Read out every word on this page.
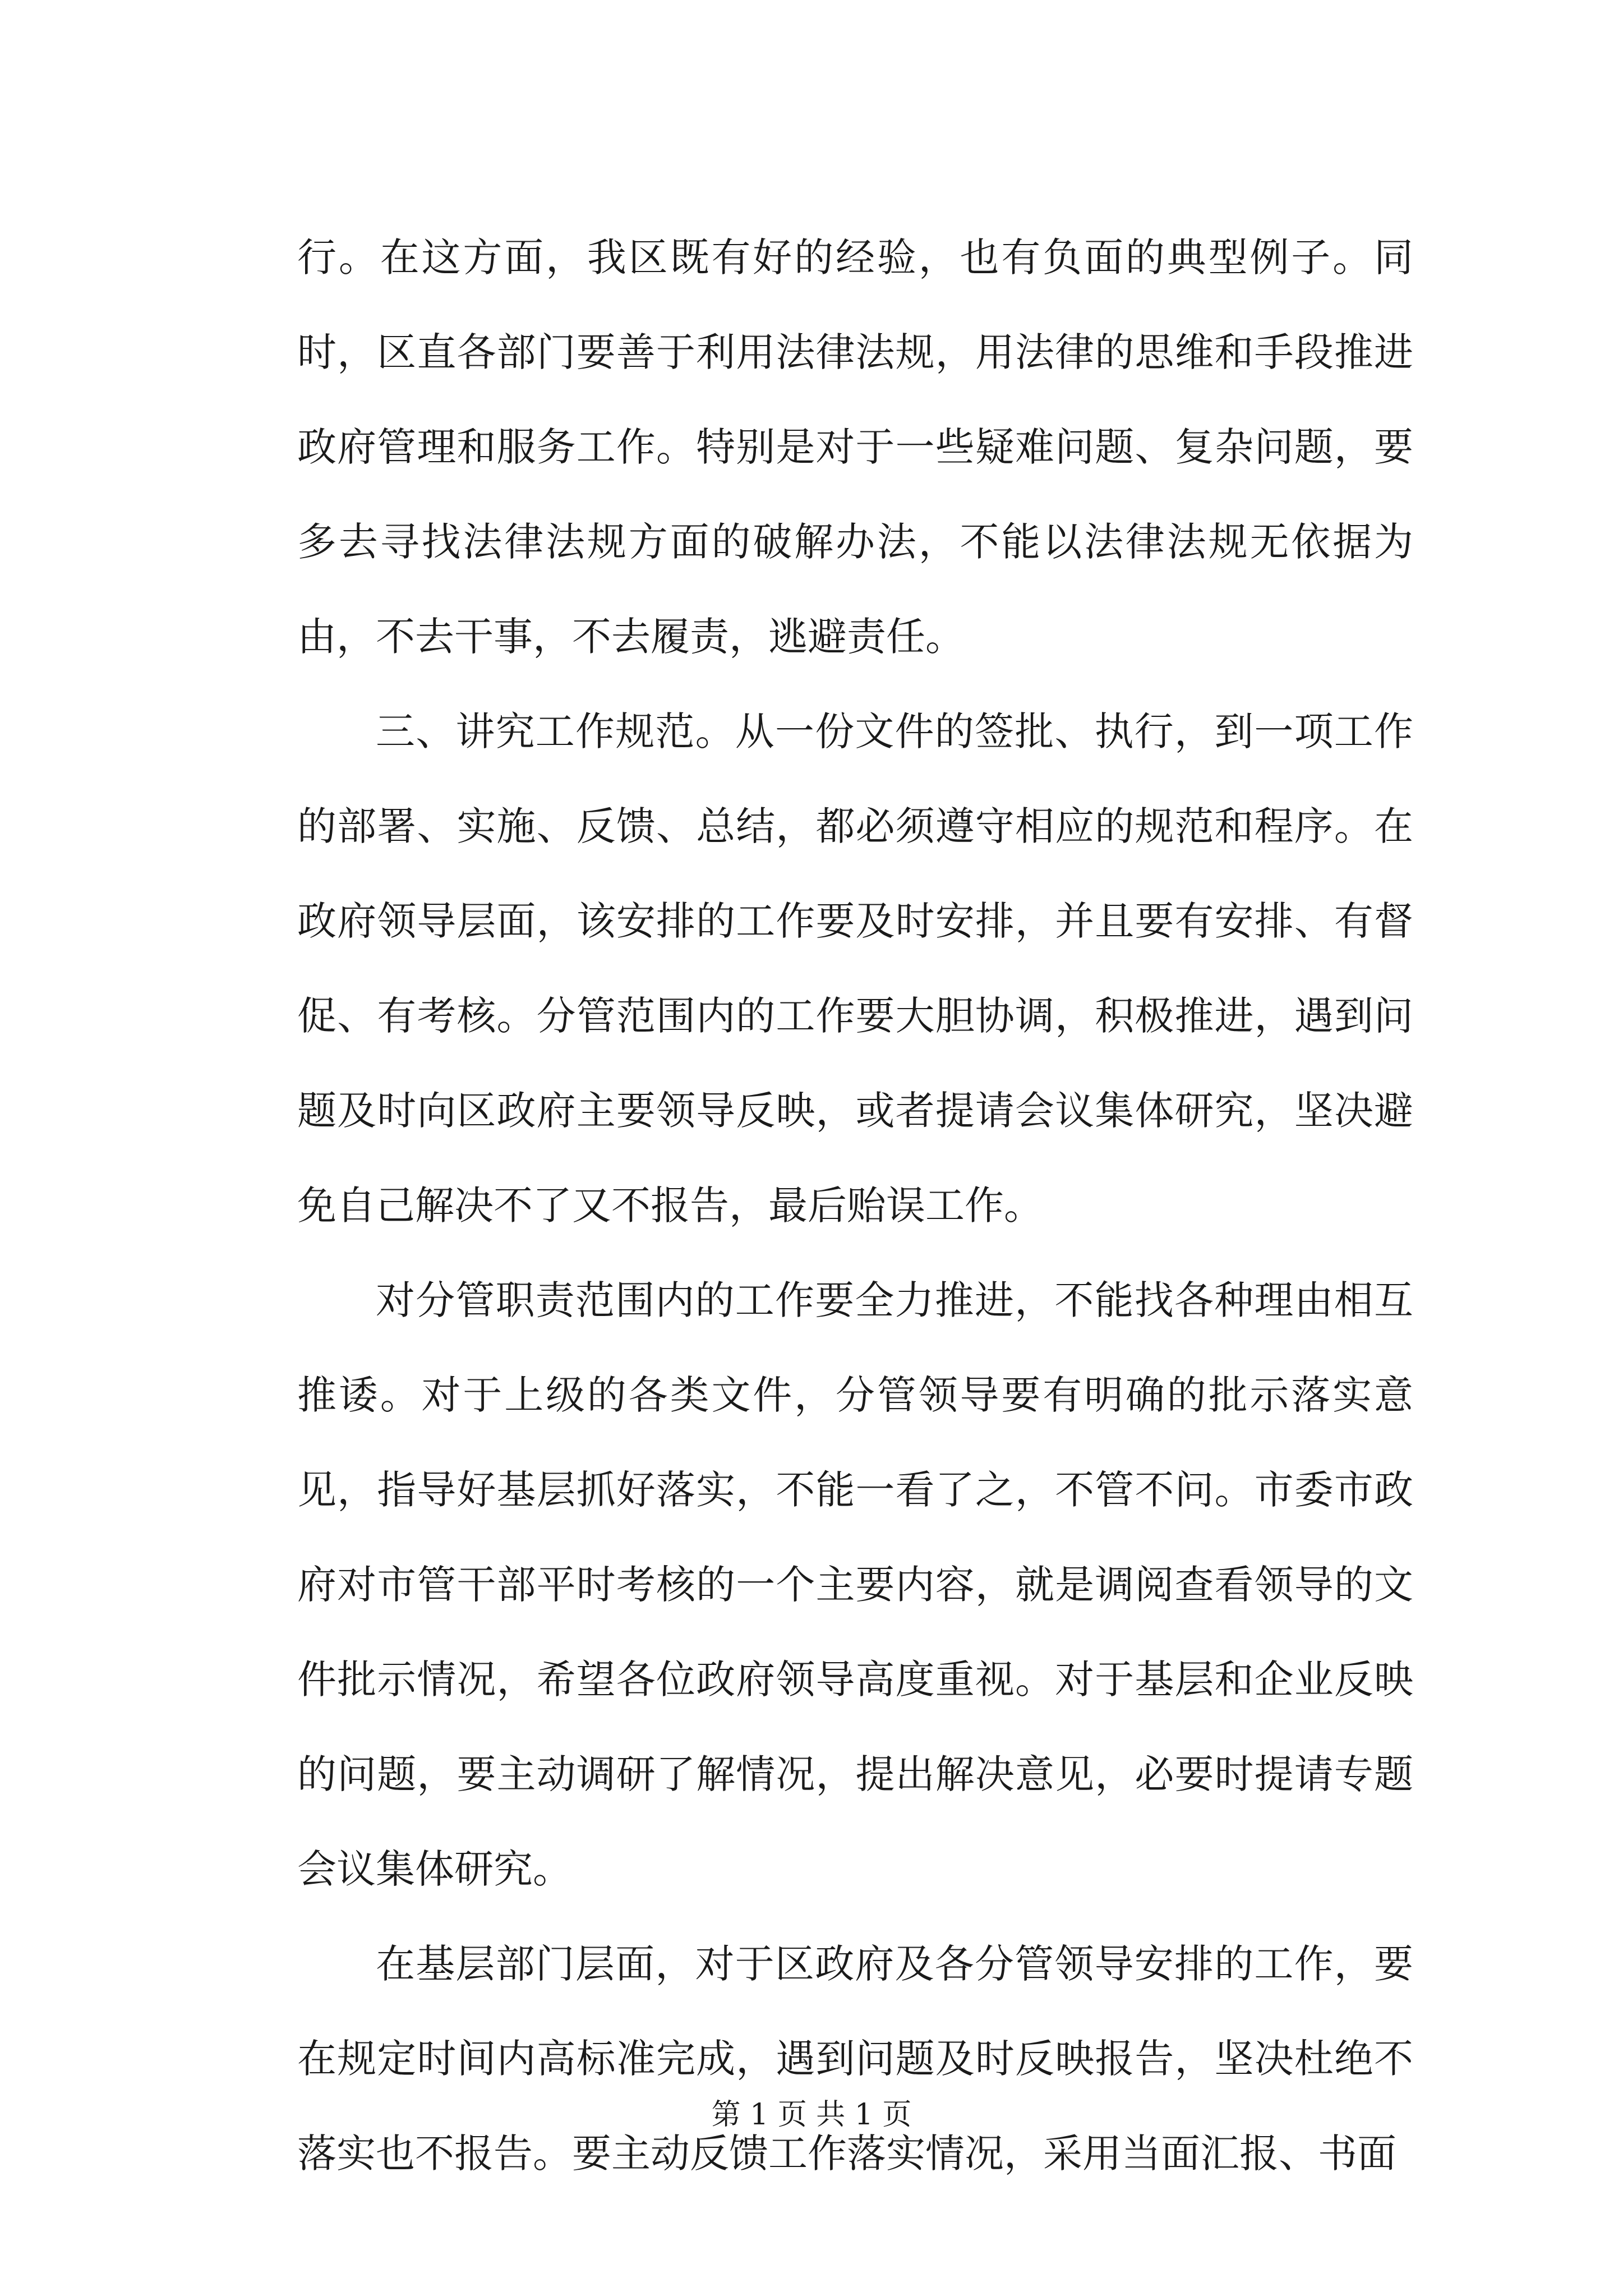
行。在这方面，我区既有好的经验，也有负面的典型例子。同时，区直各部门要善于利用法律法规，用法律的思维和手段推进政府管理和服务工作。特别是对于一些疑难问题、复杂问题，要多去寻找法律法规方面的破解办法，不能以法律法规无依据为由，不去干事，不去履责，逃避责任。

三、讲究工作规范。从一份文件的签批、执行，到一项工作的部署、实施、反馈、总结，都必须遵守相应的规范和程序。在政府领导层面，该安排的工作要及时安排，并且要有安排、有督促、有考核。分管范围内的工作要大胆协调，积极推进，遇到问题及时向区政府主要领导反映，或者提请会议集体研究，坚决避免自己解决不了又不报告，最后贻误工作。

对分管职责范围内的工作要全力推进，不能找各种理由相互推诿。对于上级的各类文件，分管领导要有明确的批示落实意见，指导好基层抓好落实，不能一看了之，不管不问。市委市政府对市管干部平时考核的一个主要内容，就是调阅查看领导的文件批示情况，希望各位政府领导高度重视。对于基层和企业反映的问题，要主动调研了解情况，提出解决意见，必要时提请专题会议集体研究。

在基层部门层面，对于区政府及各分管领导安排的工作，要在规定时间内高标准完成，遇到问题及时反映报告，坚决杜绝不落实也不报告。要主动反馈工作落实情况，采用当面汇报、书面

第 1 页 共 1 页
